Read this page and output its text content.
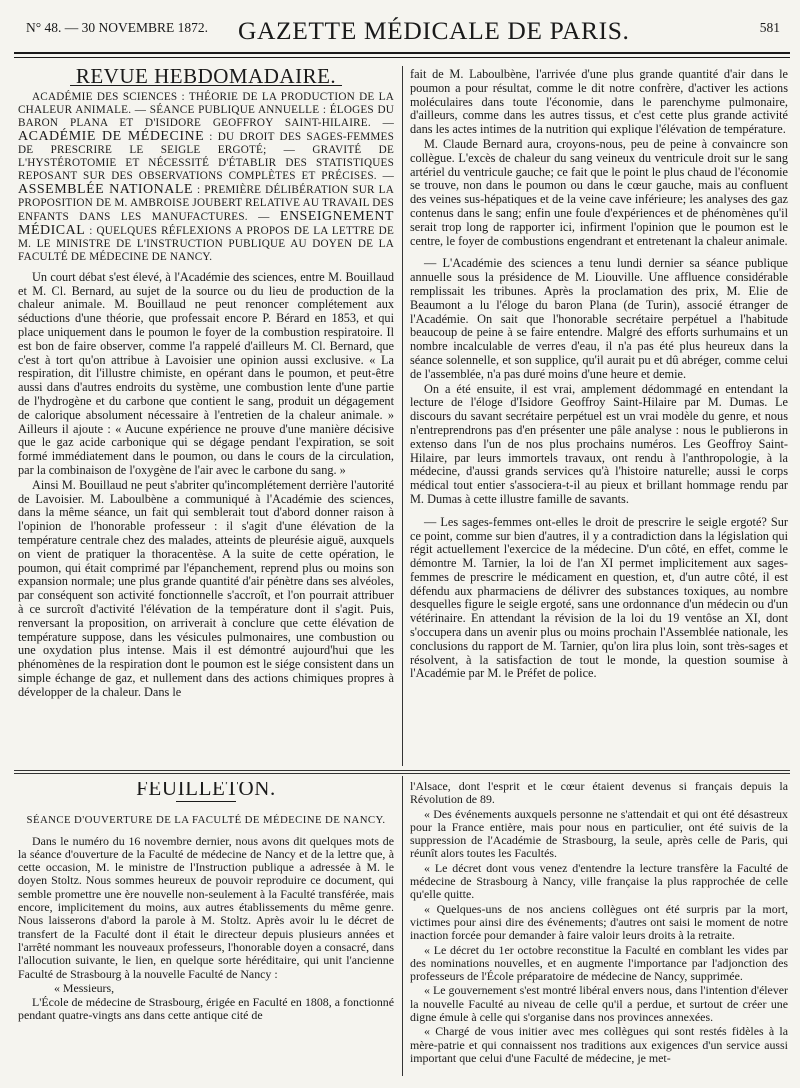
N° 48. — 30 NOVEMBRE 1872. GAZETTE MÉDICALE DE PARIS.	581
REVUE HEBDOMADAIRE.
ACADÉMIE DES SCIENCES : THÉORIE DE LA PRODUCTION DE LA CHALEUR ANIMALE. — SÉANCE PUBLIQUE ANNUELLE : ÉLOGES DU BARON PLANA ET D'ISIDORE GEOFFROY SAINT-HILAIRE. — ACADÉMIE DE MÉDECINE : DU DROIT DES SAGES-FEMMES DE PRESCRIRE LE SEIGLE ERGOTÉ; — GRAVITÉ DE L'HYSTÉROTOMIE ET NÉCESSITÉ D'ÉTABLIR DES STATISTIQUES REPOSANT SUR DES OBSERVATIONS COMPLÈTES ET PRÉCISES. — ASSEMBLÉE NATIONALE : PREMIÈRE DÉLIBÉRATION SUR LA PROPOSITION DE M. AMBROISE JOUBERT RELATIVE AU TRAVAIL DES ENFANTS DANS LES MANUFACTURES. — ENSEIGNEMENT MÉDICAL : QUELQUES RÉFLEXIONS A PROPOS DE LA LETTRE DE M. LE MINISTRE DE L'INSTRUCTION PUBLIQUE AU DOYEN DE LA FACULTÉ DE MÉDECINE DE NANCY.

Un court débat s'est élevé, à l'Académie des sciences, entre M. Bouillaud et M. Cl. Bernard, au sujet de la source ou du lieu de production de la chaleur animale. M. Bouillaud ne peut renoncer complétement aux séductions d'une théorie, que professait encore P. Bérard en 1853, et qui place uniquement dans le poumon le foyer de la combustion respiratoire. Il est bon de faire observer, comme l'a rappelé d'ailleurs M. Cl. Bernard, que c'est à tort qu'on attribue à Lavoisier une opinion aussi exclusive. « La respiration, dit l'illustre chimiste, en opérant dans le poumon, et peut-être aussi dans d'autres endroits du système, une combustion lente d'une partie de l'hydrogène et du carbone que contient le sang, produit un dégagement de calorique absolument nécessaire à l'entretien de la chaleur animale. » Ailleurs il ajoute : « Aucune expérience ne prouve d'une manière décisive que le gaz acide carbonique qui se dégage pendant l'expiration, se soit formé immédiatement dans le poumon, ou dans le cours de la circulation, par la combinaison de l'oxygène de l'air avec le carbone du sang. »

Ainsi M. Bouillaud ne peut s'abriter qu'incomplétement derrière l'autorité de Lavoisier. M. Laboulbène a communiqué à l'Académie des sciences, dans la même séance, un fait qui semblerait tout d'abord donner raison à l'opinion de l'honorable professeur : il s'agit d'une élévation de la température centrale chez des malades, atteints de pleurésie aiguë, auxquels on vient de pratiquer la thoracentèse. A la suite de cette opération, le poumon, qui était comprimé par l'épanchement, reprend plus ou moins son expansion normale; une plus grande quantité d'air pénètre dans ses alvéoles, par conséquent son activité fonctionnelle s'accroît, et l'on pourrait attribuer à ce surcroît d'activité l'élévation de la température dont il s'agit. Puis, renversant la proposition, on arriverait à conclure que cette élévation de température suppose, dans les vésicules pulmonaires, une combustion ou une oxydation plus intense. Mais il est démontré aujourd'hui que les phénomènes de la respiration dont le poumon est le siége consistent dans un simple échange de gaz, et nullement dans des actions chimiques propres à développer de la chaleur. Dans le

fait de M. Laboulbène, l'arrivée d'une plus grande quantité d'air dans le poumon a pour résultat, comme le dit notre confrère, d'activer les actions moléculaires dans toute l'économie, dans le parenchyme pulmonaire, d'ailleurs, comme dans les autres tissus, et c'est cette plus grande activité dans les actes intimes de la nutrition qui explique l'élévation de température.

M. Claude Bernard aura, croyons-nous, peu de peine à convaincre son collègue. L'excès de chaleur du sang veineux du ventricule droit sur le sang artériel du ventricule gauche; ce fait que le point le plus chaud de l'économie se trouve, non dans le poumon ou dans le cœur gauche, mais au confluent des veines sus-hépatiques et de la veine cave inférieure; les analyses des gaz contenus dans le sang; enfin une foule d'expériences et de phénomènes qu'il serait trop long de rapporter ici, infirment l'opinion que le poumon est le centre, le foyer de combustions engendrant et entretenant la chaleur animale.

— L'Académie des sciences a tenu lundi dernier sa séance publique annuelle sous la présidence de M. Liouville. Une affluence considérable remplissait les tribunes. Après la proclamation des prix, M. Elie de Beaumont a lu l'éloge du baron Plana (de Turin), associé étranger de l'Académie. On sait que l'honorable secrétaire perpétuel a l'habitude beaucoup de peine à se faire entendre. Malgré des efforts surhumains et un nombre incalculable de verres d'eau, il n'a pas été plus heureux dans la séance solennelle, et son supplice, qu'il aurait pu et dû abréger, comme celui de l'assemblée, n'a pas duré moins d'une heure et demie.

On a été ensuite, il est vrai, amplement dédommagé en entendant la lecture de l'éloge d'Isidore Geoffroy Saint-Hilaire par M. Dumas. Le discours du savant secrétaire perpétuel est un vrai modèle du genre, et nous n'entreprendrons pas d'en présenter une pâle analyse : nous le publierons in extenso dans l'un de nos plus prochains numéros. Les Geoffroy Saint-Hilaire, par leurs immortels travaux, ont rendu à l'anthropologie, à la médecine, d'aussi grands services qu'à l'histoire naturelle; aussi le corps médical tout entier s'associera-t-il au pieux et brillant hommage rendu par M. Dumas à cette illustre famille de savants.

— Les sages-femmes ont-elles le droit de prescrire le seigle ergoté? Sur ce point, comme sur bien d'autres, il y a contradiction dans la législation qui régit actuellement l'exercice de la médecine. D'un côté, en effet, comme le démontre M. Tarnier, la loi de l'an XI permet implicitement aux sages-femmes de prescrire le médicament en question, et, d'un autre côté, il est défendu aux pharmaciens de délivrer des substances toxiques, au nombre desquelles figure le seigle ergoté, sans une ordonnance d'un médecin ou d'un vétérinaire. En attendant la révision de la loi du 19 ventôse an XI, dont s'occupera dans un avenir plus ou moins prochain l'Assemblée nationale, les conclusions du rapport de M. Tarnier, qu'on lira plus loin, sont très-sages et résolvent, à la satisfaction de tout le monde, la question soumise à l'Académie par M. le Préfet de police.

FEUILLETON.
SÉANCE D'OUVERTURE DE LA FACULTÉ DE MÉDECINE DE NANCY.

Dans le numéro du 16 novembre dernier, nous avons dit quelques mots de la séance d'ouverture de la Faculté de médecine de Nancy et de la lettre que, à cette occasion, M. le ministre de l'Instruction publique a adressée à M. le doyen Stoltz. Nous sommes heureux de pouvoir reproduire ce document, qui semble promettre une ère nouvelle non-seulement à la Faculté transférée, mais encore, implicitement du moins, aux autres établissements du même genre. Nous laisserons d'abord la parole à M. Stoltz. Après avoir lu le décret de transfert de la Faculté dont il était le directeur depuis plusieurs années et l'arrêté nommant les nouveaux professeurs, l'honorable doyen a consacré, dans l'allocution suivante, le lien, en quelque sorte héréditaire, qui unit l'ancienne Faculté de Strasbourg à la nouvelle Faculté de Nancy :

« Messieurs,

L'École de médecine de Strasbourg, érigée en Faculté en 1808, a fonctionné pendant quatre-vingts ans dans cette antique cité de

l'Alsace, dont l'esprit et le cœur étaient devenus si français depuis la Révolution de 89.

« Des événements auxquels personne ne s'attendait et qui ont été désastreux pour la France entière, mais pour nous en particulier, ont été suivis de la suppression de l'Académie de Strasbourg, la seule, après celle de Paris, qui réunît alors toutes les Facultés.

« Le décret dont vous venez d'entendre la lecture transfère la Faculté de médecine de Strasbourg à Nancy, ville française la plus rapprochée de celle qu'elle quitte.

« Quelques-uns de nos anciens collègues ont été surpris par la mort, victimes pour ainsi dire des événements; d'autres ont saisi le moment de notre inaction forcée pour demander à faire valoir leurs droits à la retraite.

« Le décret du 1er octobre reconstitue la Faculté en comblant les vides par des nominations nouvelles, et en augmente l'importance par l'adjonction des professeurs de l'École préparatoire de médecine de Nancy, supprimée.

« Le gouvernement s'est montré libéral envers nous, dans l'intention d'élever la nouvelle Faculté au niveau de celle qu'il a perdue, et surtout de créer une digne émule à celle qui s'organise dans nos provinces annexées.

« Chargé de vous initier avec mes collègues qui sont restés fidèles à la mère-patrie et qui connaissent nos traditions aux exigences d'un service aussi important que celui d'une Faculté de médecine, je met-
